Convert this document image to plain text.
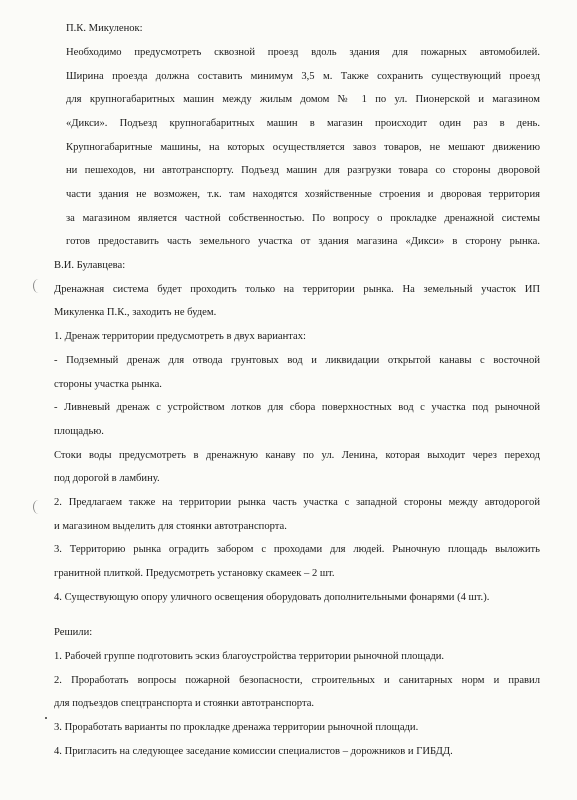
П.К. Микуленок:
Необходимо предусмотреть сквозной проезд вдоль здания для пожарных автомобилей.
Ширина проезда должна составить минимум 3,5 м. Также сохранить существующий проезд
для крупногабаритных машин между жилым домом № 1 по ул. Пионерской и магазином
«Дикси». Подъезд крупногабаритных машин в магазин происходит один раз в день.
Крупногабаритные машины, на которых осуществляется завоз товаров, не мешают движению
ни пешеходов, ни автотранспорту. Подъезд машин для разгрузки товара со стороны дворовой
части здания не возможен, т.к. там находятся хозяйственные строения и дворовая территория
за магазином является частной собственностью. По вопросу о прокладке дренажной системы
готов предоставить часть земельного участка от здания магазина «Дикси» в сторону рынка.
В.И. Булавцева:
Дренажная система будет проходить только на территории рынка. На земельный участок ИП
Микуленка П.К., заходить не будем.
1. Дренаж территории предусмотреть в двух вариантах:
- Подземный дренаж для отвода грунтовых вод и ликвидации открытой канавы с восточной
стороны участка рынка.
- Ливневый дренаж с устройством лотков для сбора поверхностных вод с участка под рыночной
площадью.
Стоки воды предусмотреть в дренажную канаву по ул. Ленина, которая выходит через переход
под дорогой в ламбину.
2. Предлагаем также на территории рынка часть участка с западной стороны между автодорогой
и магазином выделить для стоянки автотранспорта.
3. Территорию рынка оградить забором с проходами для людей. Рыночную площадь выложить
гранитной плиткой. Предусмотреть установку скамеек – 2 шт.
4. Существующую опору уличного освещения оборудовать дополнительными фонарями (4 шт.).
Решили:
1. Рабочей группе подготовить эскиз благоустройства территории рыночной площади.
2. Проработать вопросы пожарной безопасности, строительных и санитарных норм и правил
для подъездов спецтранспорта и стоянки автотранспорта.
3. Проработать варианты по прокладке дренажа территории рыночной площади.
4. Пригласить на следующее заседание комиссии специалистов – дорожников и ГИБДД.
